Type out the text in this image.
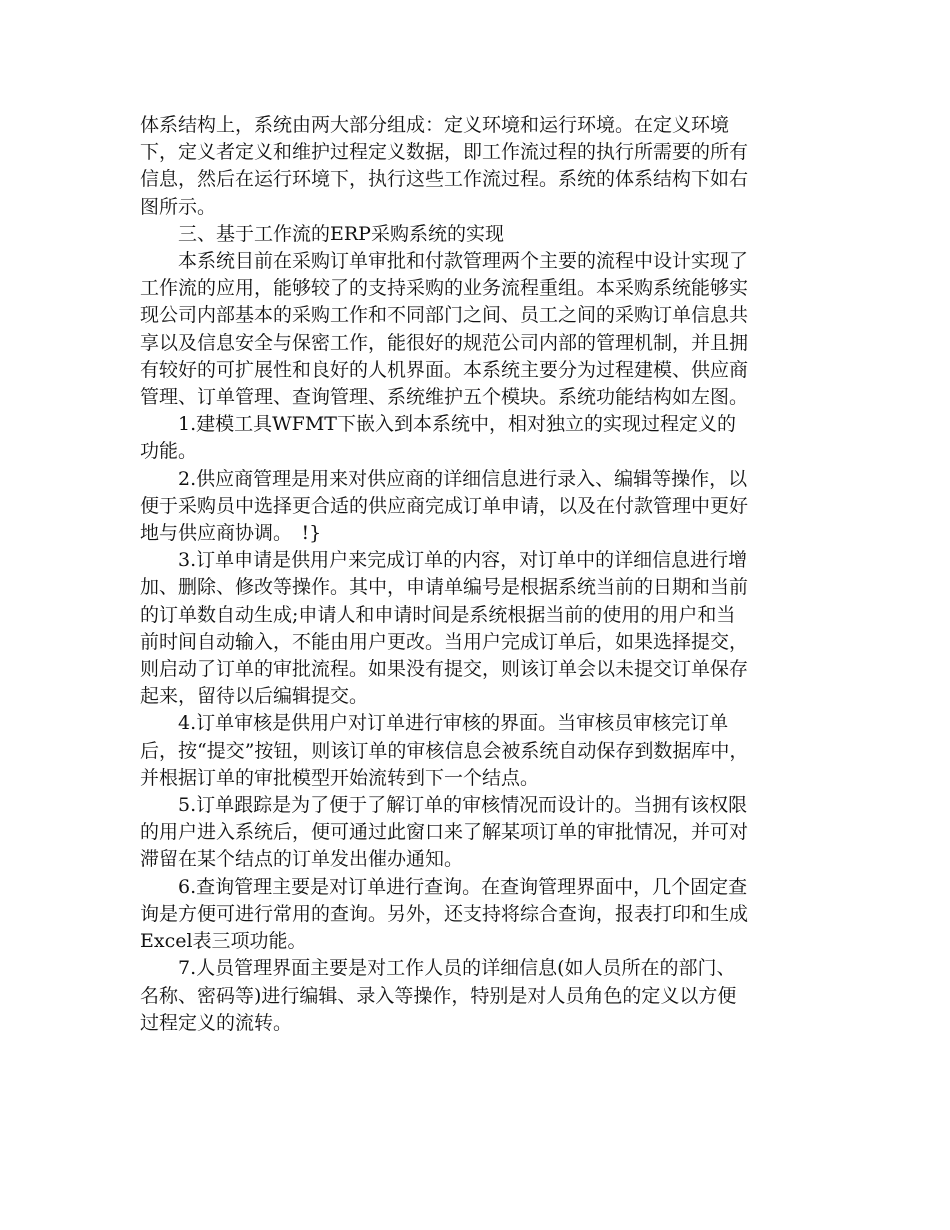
体系结构上，系统由两大部分组成：定义环境和运行环境。在定义环境下，定义者定义和维护过程定义数据，即工作流过程的执行所需要的所有信息，然后在运行环境下，执行这些工作流过程。系统的体系结构下如右图所示。

三、基于工作流的ERP采购系统的实现

本系统目前在采购订单审批和付款管理两个主要的流程中设计实现了工作流的应用，能够较了的支持采购的业务流程重组。本采购系统能够实现公司内部基本的采购工作和不同部门之间、员工之间的采购订单信息共享以及信息安全与保密工作，能很好的规范公司内部的管理机制，并且拥有较好的可扩展性和良好的人机界面。本系统主要分为过程建模、供应商管理、订单管理、查询管理、系统维护五个模块。系统功能结构如左图。

1.建模工具WFMT下嵌入到本系统中，相对独立的实现过程定义的功能。

2.供应商管理是用来对供应商的详细信息进行录入、编辑等操作，以便于采购员中选择更合适的供应商完成订单申请，以及在付款管理中更好地与供应商协调。　!}

3.订单申请是供用户来完成订单的内容，对订单中的详细信息进行增加、删除、修改等操作。其中，申请单编号是根据系统当前的日期和当前的订单数自动生成;申请人和申请时间是系统根据当前的使用的用户和当前时间自动输入，不能由用户更改。当用户完成订单后，如果选择提交，则启动了订单的审批流程。如果没有提交，则该订单会以未提交订单保存起来，留待以后编辑提交。

4.订单审核是供用户对订单进行审核的界面。当审核员审核完订单后，按“提交”按钮，则该订单的审核信息会被系统自动保存到数据库中，并根据订单的审批模型开始流转到下一个结点。

5.订单跟踪是为了便于了解订单的审核情况而设计的。当拥有该权限的用户进入系统后，便可通过此窗口来了解某项订单的审批情况，并可对滞留在某个结点的订单发出催办通知。

6.查询管理主要是对订单进行查询。在查询管理界面中，几个固定查询是方便可进行常用的查询。另外，还支持将综合查询，报表打印和生成Excel表三项功能。

7.人员管理界面主要是对工作人员的详细信息(如人员所在的部门、名称、密码等)进行编辑、录入等操作，特别是对人员角色的定义以方便过程定义的流转。
